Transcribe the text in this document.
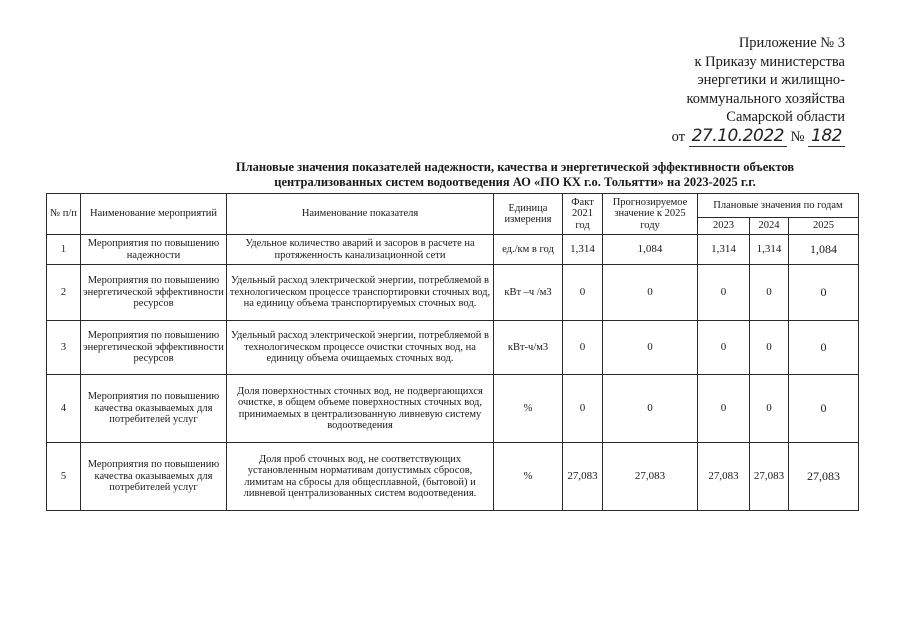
Приложение № 3
к Приказу министерства
энергетики и жилищно-
коммунального хозяйства
Самарской области
от 27.10.2022 № 182
Плановые значения показателей надежности, качества и энергетической эффективности объектов
централизованных систем водоотведения АО «ПО КХ г.о. Тольятти» на 2023-2025 г.г.
№ п/п	Наименование мероприятий	Наименование показателя	Единица измерения	Факт 2021 год	Прогнозируемое значение к 2025 году	Плановые значения по годам		
						2023	2024	2025
1	Мероприятия по повышению надежности	Удельное количество аварий и засоров в расчете на протяженность канализационной сети	ед./км в год	1,314	1,084	1,314	1,314	1,084
2	Мероприятия по повышению энергетической эффективности ресурсов	Удельный расход электрической энергии, потребляемой в технологическом процессе транспортировки сточных вод, на единицу объема транспортируемых сточных вод.	кВт –ч /м3	0	0	0	0	0
3	Мероприятия по повышению энергетической эффективности ресурсов	Удельный расход электрической энергии, потребляемой в технологическом процессе очистки сточных вод, на единицу объема очищаемых сточных вод.	кВт-ч/м3	0	0	0	0	0
4	Мероприятия по повышению качества оказываемых для потребителей услуг	Доля поверхностных сточных вод, не подвергающихся очистке, в общем объеме поверхностных сточных вод, принимаемых в централизованную ливневую систему водоотведения	%	0	0	0	0	0
5	Мероприятия по повышению качества оказываемых для потребителей услуг	Доля проб сточных вод, не соответствующих установленным нормативам допустимых сбросов, лимитам на сбросы для общесплавной, (бытовой) и ливневой централизованных систем водоотведения.	%	27,083	27,083	27,083	27,083	27,083
